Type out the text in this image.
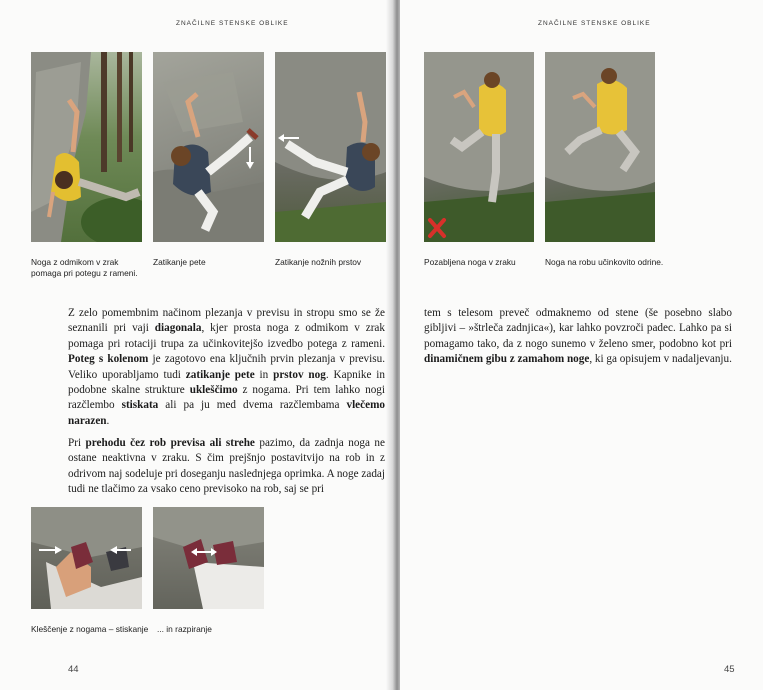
ZNAČILNE STENSKE OBLIKE
Noga z odmikom v zrak pomaga pri potegu z rameni.
Zatikanje pete	Zatikanje nožnih prstov

Z zelo pomembnim načinom plezanja v previsu in stropu smo se že seznanili pri vaji diagonala, kjer prosta noga z odmikom v zrak pomaga pri rotaciji trupa za učinkovitejšo izvedbo potega z rameni. Poteg s kolenom je zagotovo ena ključnih prvin plezanja v previsu. Veliko uporabljamo tudi zatikanje pete in prstov nog. Kapnike in podobne skalne strukture ukleščimo z nogama. Pri tem lahko nogi razčlembo stiskata ali pa ju med dvema razčlembama vlečemo narazen.

Pri prehodu čez rob previsa ali strehe pazimo, da zadnja noga ne ostane neaktivna v zraku. S čim prejšnjo postavitvijo na rob in z odrivom naj sodeluje pri doseganju naslednjega oprimka. A noge zadaj tudi ne tlačimo za vsako ceno previsoko na rob, saj se pri

Kleščenje z nogama – stiskanje	... in razpiranje
44
ZNAČILNE STENSKE OBLIKE
Pozabljena noga v zraku	Noga na robu učinkovito odrine.

tem s telesom preveč odmaknemo od stene (še posebno slabo gibljivi – »štrleča zadnjica«), kar lahko povzroči padec. Lahko pa si pomagamo tako, da z nogo sunemo v želeno smer, podobno kot pri dinamičnem gibu z zamahom noge, ki ga opisujem v nadaljevanju.

45
